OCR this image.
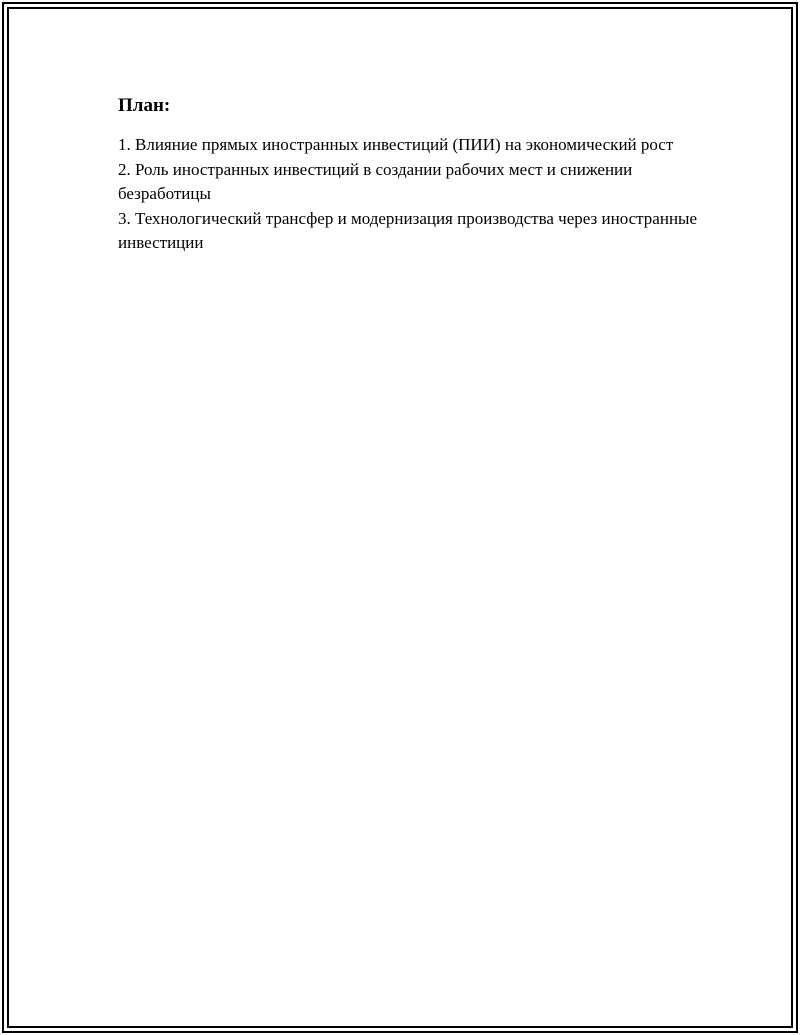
План:

1. Влияние прямых иностранных инвестиций (ПИИ) на экономический рост

2. Роль иностранных инвестиций в создании рабочих мест и снижении безработицы

3. Технологический трансфер и модернизация производства через иностранные инвестиции
